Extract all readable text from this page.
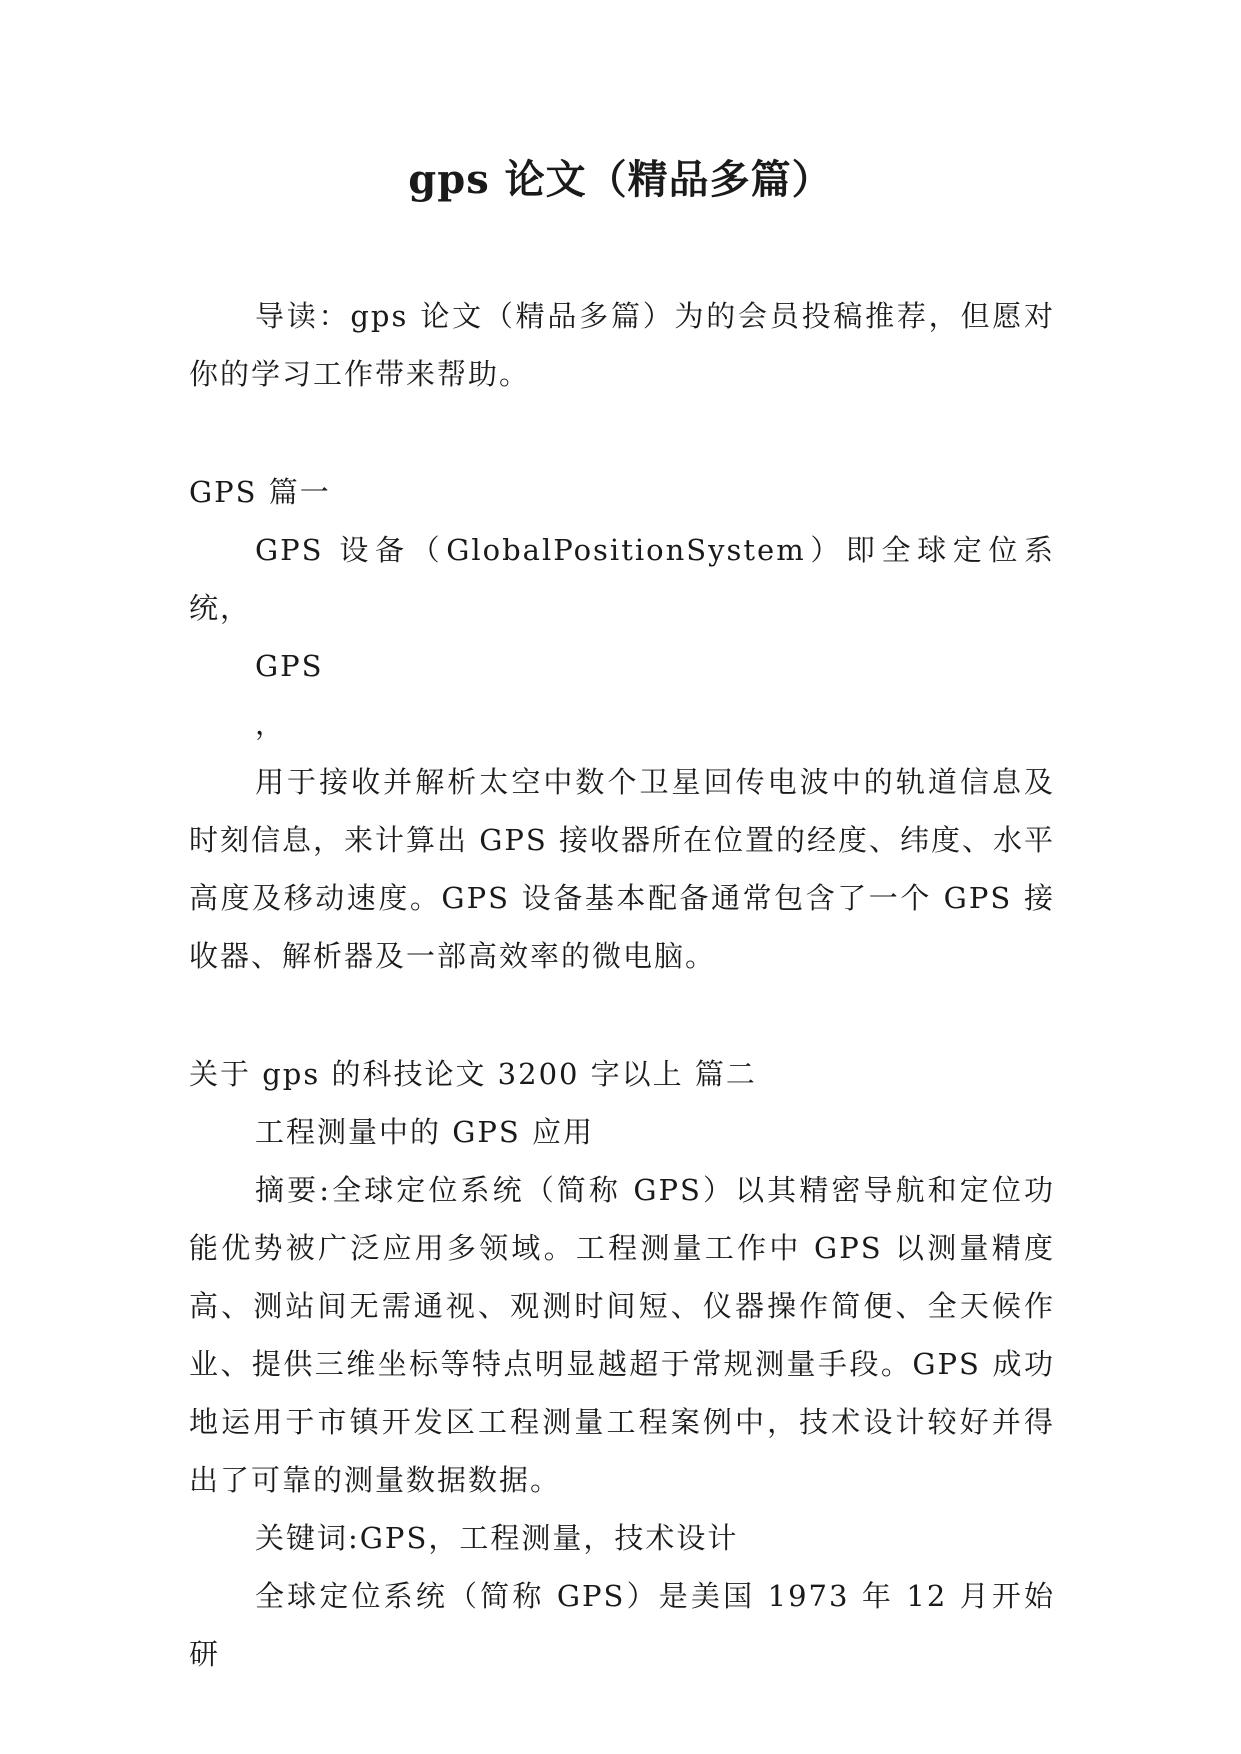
gps 论文（精品多篇）

导读：gps 论文（精品多篇）为的会员投稿推荐，但愿对你的学习工作带来帮助。

GPS 篇一

GPS 设备（GlobalPositionSystem）即全球定位系统，

GPS

，

用于接收并解析太空中数个卫星回传电波中的轨道信息及时刻信息，来计算出 GPS 接收器所在位置的经度、纬度、水平高度及移动速度。GPS 设备基本配备通常包含了一个 GPS 接收器、解析器及一部高效率的微电脑。

关于 gps 的科技论文 3200 字以上 篇二

工程测量中的 GPS 应用

摘要:全球定位系统（简称 GPS）以其精密导航和定位功能优势被广泛应用多领域。工程测量工作中 GPS 以测量精度高、测站间无需通视、观测时间短、仪器操作简便、全天候作业、提供三维坐标等特点明显越超于常规测量手段。GPS 成功地运用于市镇开发区工程测量工程案例中，技术设计较好并得出了可靠的测量数据数据。

关键词:GPS，工程测量，技术设计

全球定位系统（简称 GPS）是美国 1973 年 12 月开始研
